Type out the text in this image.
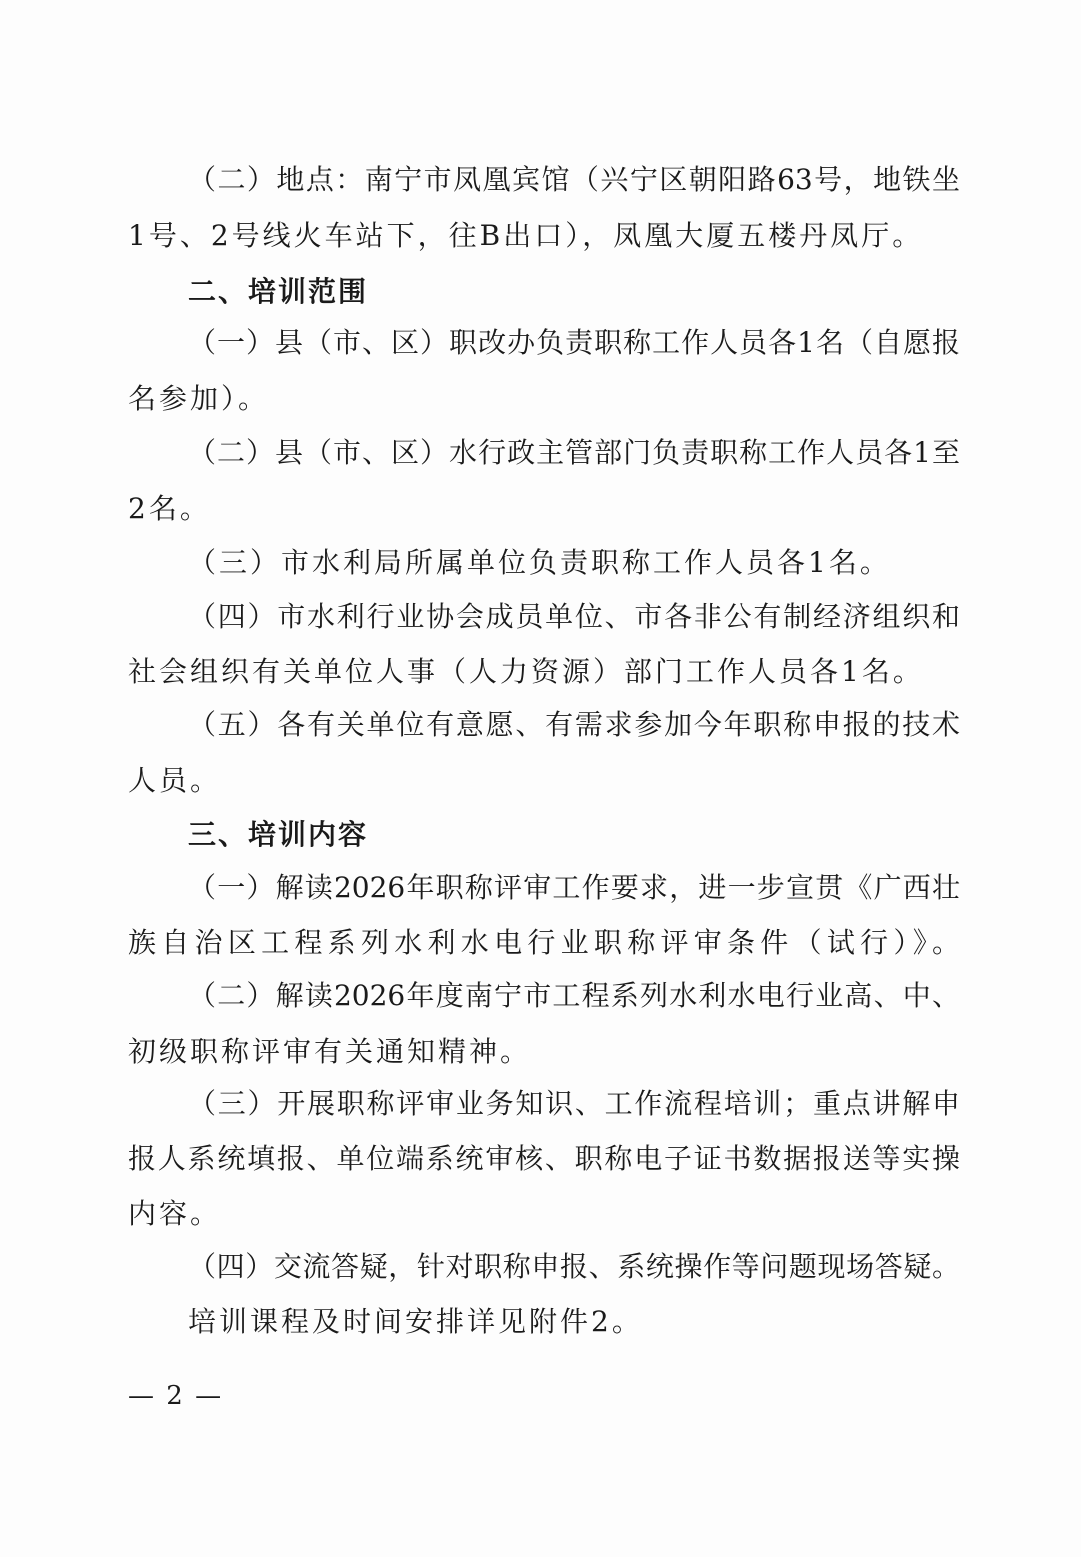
（二）地点：南宁市凤凰宾馆（兴宁区朝阳路63号，地铁坐
1号、2号线火车站下，往B出口），凤凰大厦五楼丹凤厅。
二、培训范围
（一）县（市、区）职改办负责职称工作人员各1名（自愿报
名参加）。
（二）县（市、区）水行政主管部门负责职称工作人员各1至
2名。
（三）市水利局所属单位负责职称工作人员各1名。
（四）市水利行业协会成员单位、市各非公有制经济组织和
社会组织有关单位人事（人力资源）部门工作人员各1名。
（五）各有关单位有意愿、有需求参加今年职称申报的技术
人员。
三、培训内容
（一）解读2026年职称评审工作要求，进一步宣贯《广西壮
族自治区工程系列水利水电行业职称评审条件（试行）》。
（二）解读2026年度南宁市工程系列水利水电行业高、中、
初级职称评审有关通知精神。
（三）开展职称评审业务知识、工作流程培训；重点讲解申
报人系统填报、单位端系统审核、职称电子证书数据报送等实操
内容。
（四）交流答疑，针对职称申报、系统操作等问题现场答疑。
培训课程及时间安排详见附件2。
— 2 —
